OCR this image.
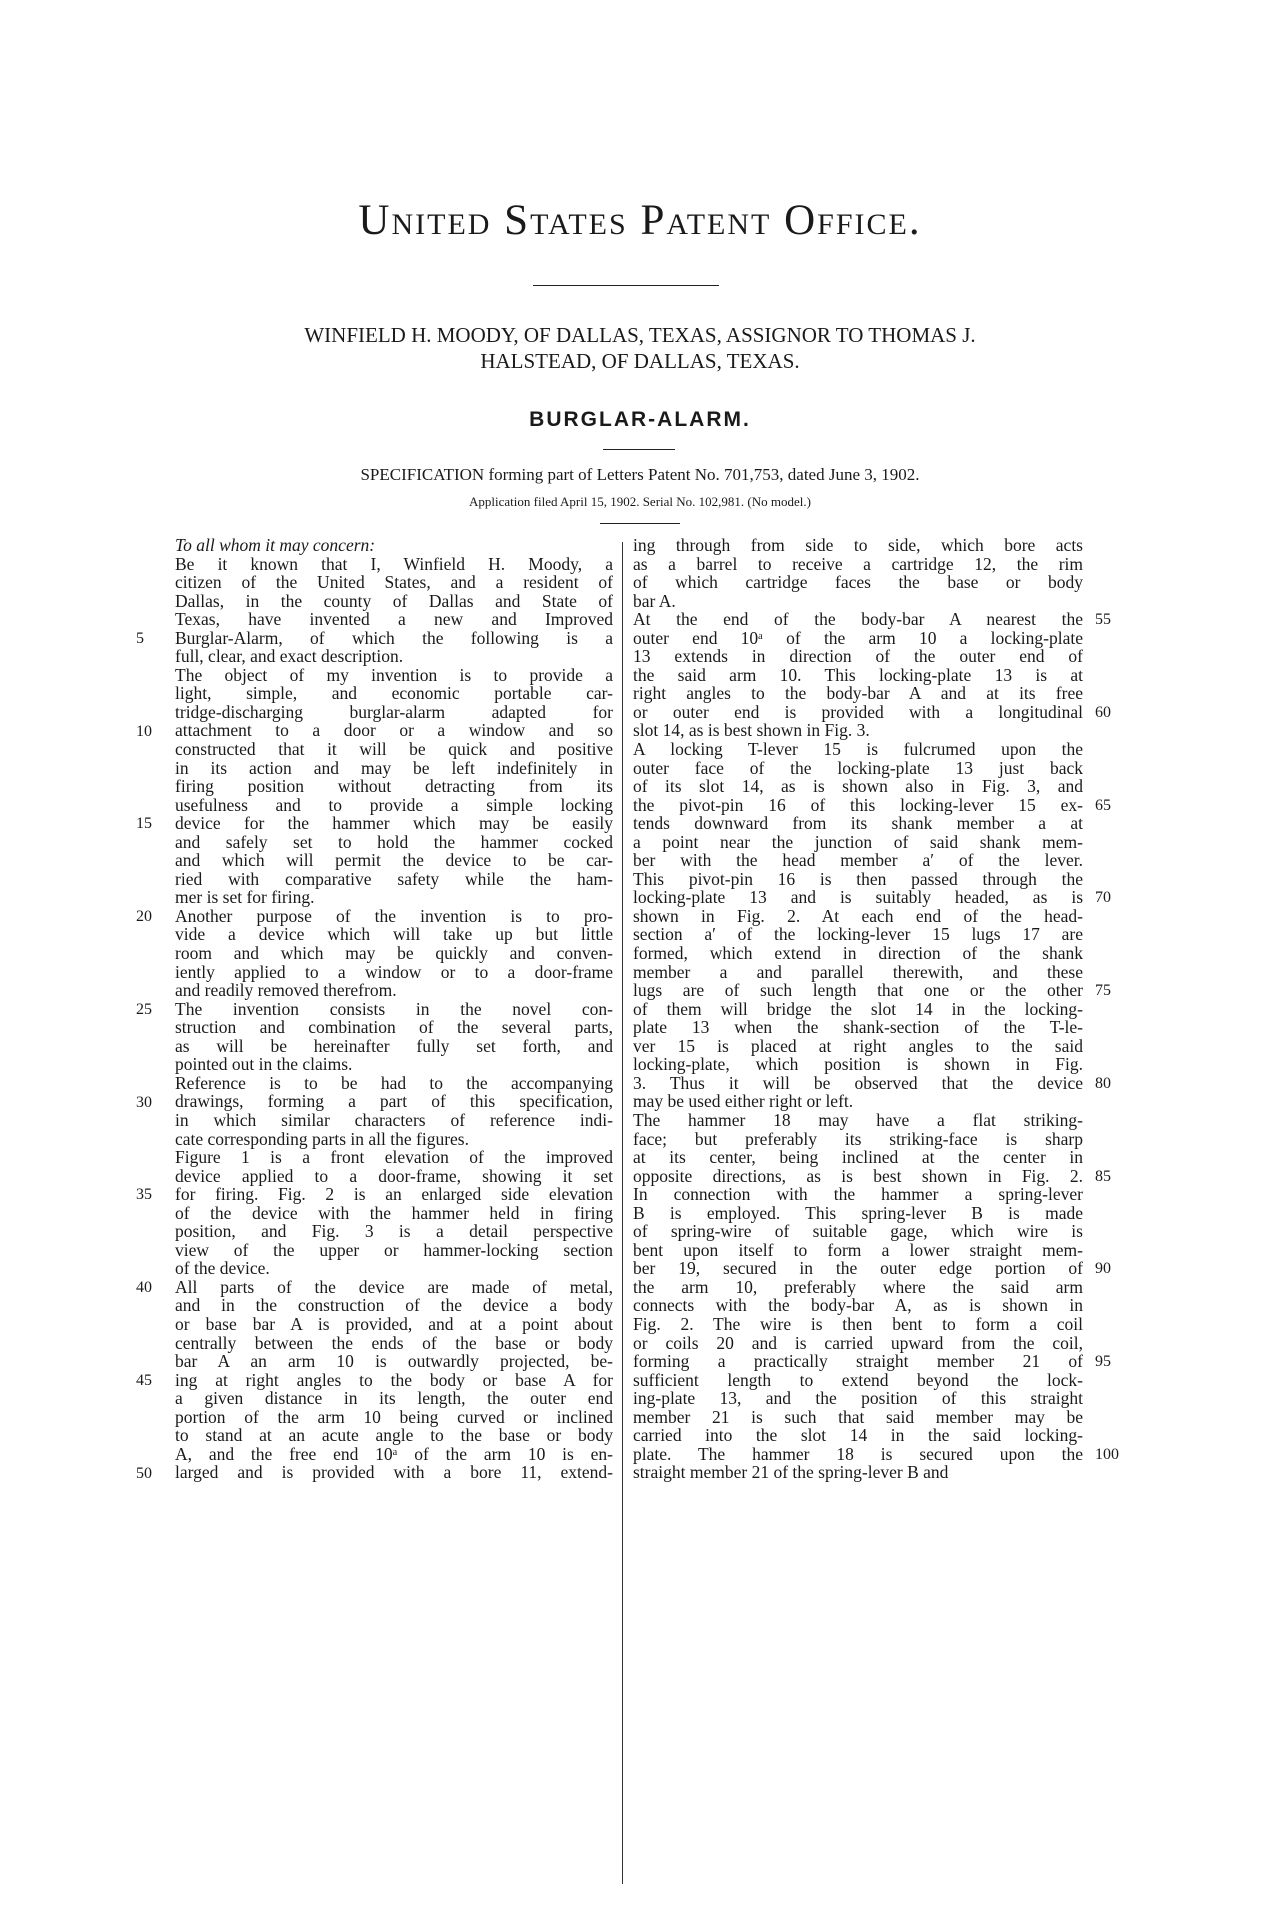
United States Patent Office.
WINFIELD H. MOODY, OF DALLAS, TEXAS, ASSIGNOR TO THOMAS J.
HALSTEAD, OF DALLAS, TEXAS.
BURGLAR-ALARM.
SPECIFICATION forming part of Letters Patent No. 701,753, dated June 3, 1902.
Application filed April 15, 1902. Serial No. 102,981. (No model.)

To all whom it may concern:

Be it known that I, Winfield H. Moody, a

citizen of the United States, and a resident of

Dallas, in the county of Dallas and State of

Texas, have invented a new and Improved

Burglar-Alarm, of which the following is a

full, clear, and exact description.

The object of my invention is to provide a

light, simple, and economic portable car-

tridge-discharging burglar-alarm adapted for

attachment to a door or a window and so

constructed that it will be quick and positive

in its action and may be left indefinitely in

firing position without detracting from its

usefulness and to provide a simple locking

device for the hammer which may be easily

and safely set to hold the hammer cocked

and which will permit the device to be car-

ried with comparative safety while the ham-

mer is set for firing.

Another purpose of the invention is to pro-

vide a device which will take up but little

room and which may be quickly and conven-

iently applied to a window or to a door-frame

and readily removed therefrom.

The invention consists in the novel con-

struction and combination of the several parts,

as will be hereinafter fully set forth, and

pointed out in the claims.

Reference is to be had to the accompanying

drawings, forming a part of this specification,

in which similar characters of reference indi-

cate corresponding parts in all the figures.

Figure 1 is a front elevation of the improved

device applied to a door-frame, showing it set

for firing. Fig. 2 is an enlarged side elevation

of the device with the hammer held in firing

position, and Fig. 3 is a detail perspective

view of the upper or hammer-locking section

of the device.

All parts of the device are made of metal,

and in the construction of the device a body

or base bar A is provided, and at a point about

centrally between the ends of the base or body

bar A an arm 10 is outwardly projected, be-

ing at right angles to the body or base A for

a given distance in its length, the outer end

portion of the arm 10 being curved or inclined

to stand at an acute angle to the base or body

A, and the free end 10ᵃ of the arm 10 is en-

larged and is provided with a bore 11, extend-

ing through from side to side, which bore acts

as a barrel to receive a cartridge 12, the rim

of which cartridge faces the base or body

bar A.

At the end of the body-bar A nearest the

outer end 10ᵃ of the arm 10 a locking-plate

13 extends in direction of the outer end of

the said arm 10. This locking-plate 13 is at

right angles to the body-bar A and at its free

or outer end is provided with a longitudinal

slot 14, as is best shown in Fig. 3.

A locking T-lever 15 is fulcrumed upon the

outer face of the locking-plate 13 just back

of its slot 14, as is shown also in Fig. 3, and

the pivot-pin 16 of this locking-lever 15 ex-

tends downward from its shank member a at

a point near the junction of said shank mem-

ber with the head member a′ of the lever.

This pivot-pin 16 is then passed through the

locking-plate 13 and is suitably headed, as is

shown in Fig. 2. At each end of the head-

section a′ of the locking-lever 15 lugs 17 are

formed, which extend in direction of the shank

member a and parallel therewith, and these

lugs are of such length that one or the other

of them will bridge the slot 14 in the locking-

plate 13 when the shank-section of the T-le-

ver 15 is placed at right angles to the said

locking-plate, which position is shown in Fig.

3. Thus it will be observed that the device

may be used either right or left.

The hammer 18 may have a flat striking-

face; but preferably its striking-face is sharp

at its center, being inclined at the center in

opposite directions, as is best shown in Fig. 2.

In connection with the hammer a spring-lever

B is employed. This spring-lever B is made

of spring-wire of suitable gage, which wire is

bent upon itself to form a lower straight mem-

ber 19, secured in the outer edge portion of

the arm 10, preferably where the said arm

connects with the body-bar A, as is shown in

Fig. 2. The wire is then bent to form a coil

or coils 20 and is carried upward from the coil,

forming a practically straight member 21 of

sufficient length to extend beyond the lock-

ing-plate 13, and the position of this straight

member 21 is such that said member may be

carried into the slot 14 in the said locking-

plate. The hammer 18 is secured upon the

straight member 21 of the spring-lever B and

5
10
15
20
25
30
35
40
45
50
55
60
65
70
75
80
85
90
95
100
